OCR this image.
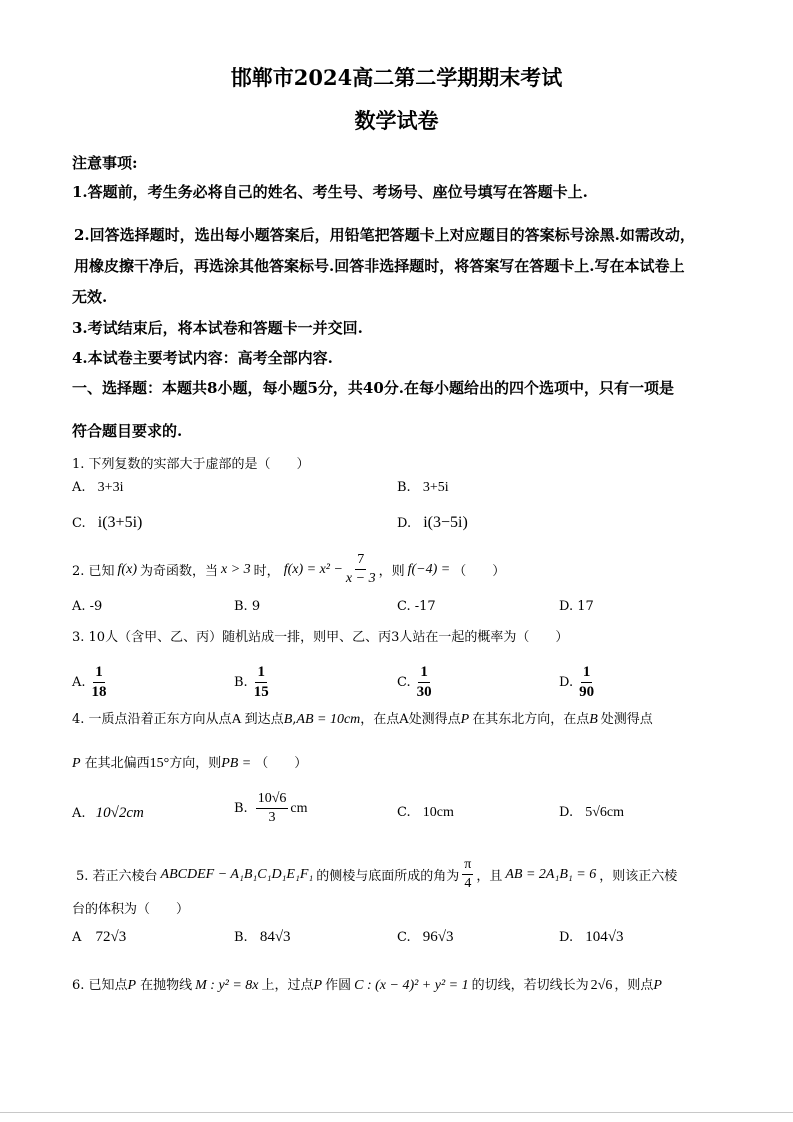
邯郸市2024高二第二学期期末考试
数学试卷
注意事项:
1.答题前，考生务必将自己的姓名、考生号、考场号、座位号填写在答题卡上.
2.回答选择题时，选出每小题答案后，用铅笔把答题卡上对应题目的答案标号涂黑.如需改动，
用橡皮擦干净后，再选涂其他答案标号.回答非选择题时，将答案写在答题卡上.写在本试卷上
无效.
3.考试结束后，将本试卷和答题卡一并交回.
4.本试卷主要考试内容：高考全部内容.
一、选择题：本题共8小题，每小题5分，共40分.在每小题给出的四个选项中，只有一项是
符合题目要求的.
1. 下列复数的实部大于虚部的是（　　）
A. 3+3i	B. 3+5i
C. i(3+5i)	D. i(3−5i)
2. 已知 f(x) 为奇函数，当 x > 3 时， $f(x) = x^2 - \frac{7}{x - 3}$ ，则 f(−4) = （　　）
A. -9	B. 9	C. -17	D. 17
3. 10人（含甲、乙、丙）随机站成一排，则甲、乙、丙3人站在一起的概率为（　　）
A. $\frac{1}{18}$	B. $\frac{1}{15}$	C. $\frac{1}{30}$	D. $\frac{1}{90}$
4. 一质点沿着正东方向从点A 到达点B,AB = 10cm，在点A处测得点P 在其东北方向，在点B 处测得点
P 在其北偏西15°方向，则PB = （　　）
A. 10√2cm	B. $\frac{10√6}{3}$ cm	C. 10cm	D. 5√6cm
5. 若正六棱台 ABCDEF − A₁B₁C₁D₁E₁F₁ 的侧棱与底面所成的角为 $\frac{\pi}{4}$ ，且 AB = 2A₁B₁ = 6 ，则该正六棱
台的体积为（　　）
A 72√3	B. 84√3	C. 96√3	D. 104√3
6. 已知点P 在抛物线 M : y² = 8x 上，过点P 作圆 C : (x − 4)² + y² = 1 的切线，若切线长为 2√6 ，则点P
